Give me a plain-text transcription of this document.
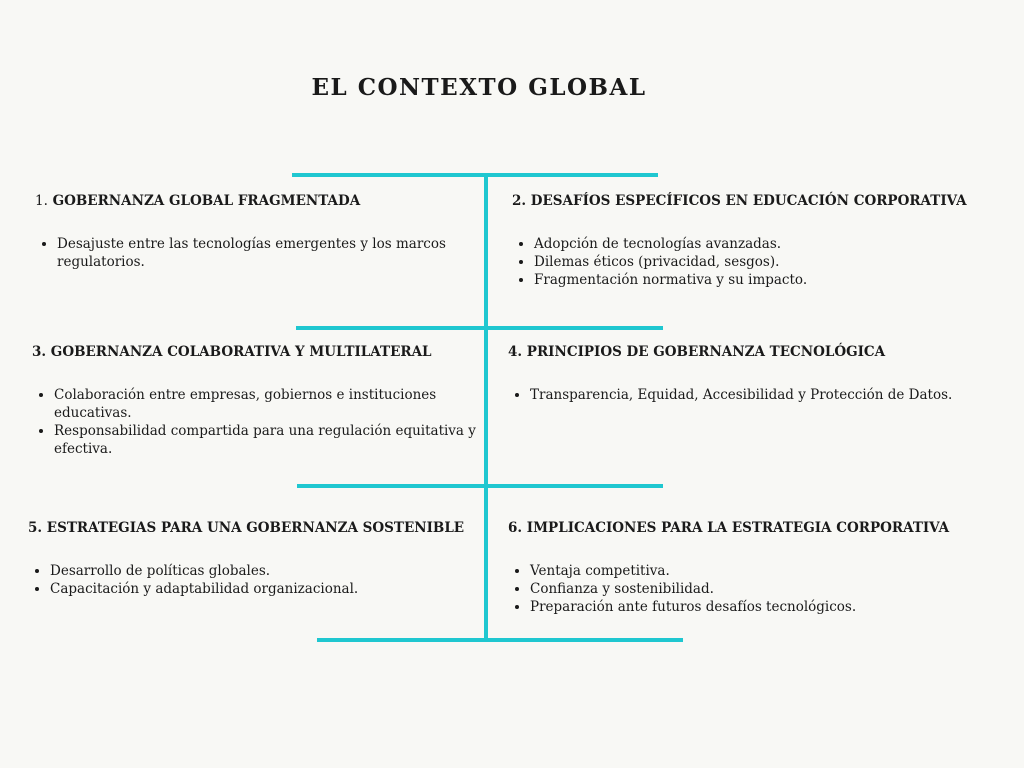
EL CONTEXTO GLOBAL
1. GOBERNANZA GLOBAL FRAGMENTADA
• Desajuste entre las tecnologías emergentes y los marcos regulatorios.
2. DESAFÍOS ESPECÍFICOS EN EDUCACIÓN CORPORATIVA
• Adopción de tecnologías avanzadas.
• Dilemas éticos (privacidad, sesgos).
• Fragmentación normativa y su impacto.
3. GOBERNANZA COLABORATIVA Y MULTILATERAL
• Colaboración entre empresas, gobiernos e instituciones educativas.
• Responsabilidad compartida para una regulación equitativa y efectiva.
4. PRINCIPIOS DE GOBERNANZA TECNOLÓGICA
• Transparencia, Equidad, Accesibilidad y Protección de Datos.
5. ESTRATEGIAS PARA UNA GOBERNANZA SOSTENIBLE
• Desarrollo de políticas globales.
• Capacitación y adaptabilidad organizacional.
6. IMPLICACIONES PARA LA ESTRATEGIA CORPORATIVA
• Ventaja competitiva.
• Confianza y sostenibilidad.
• Preparación ante futuros desafíos tecnológicos.
